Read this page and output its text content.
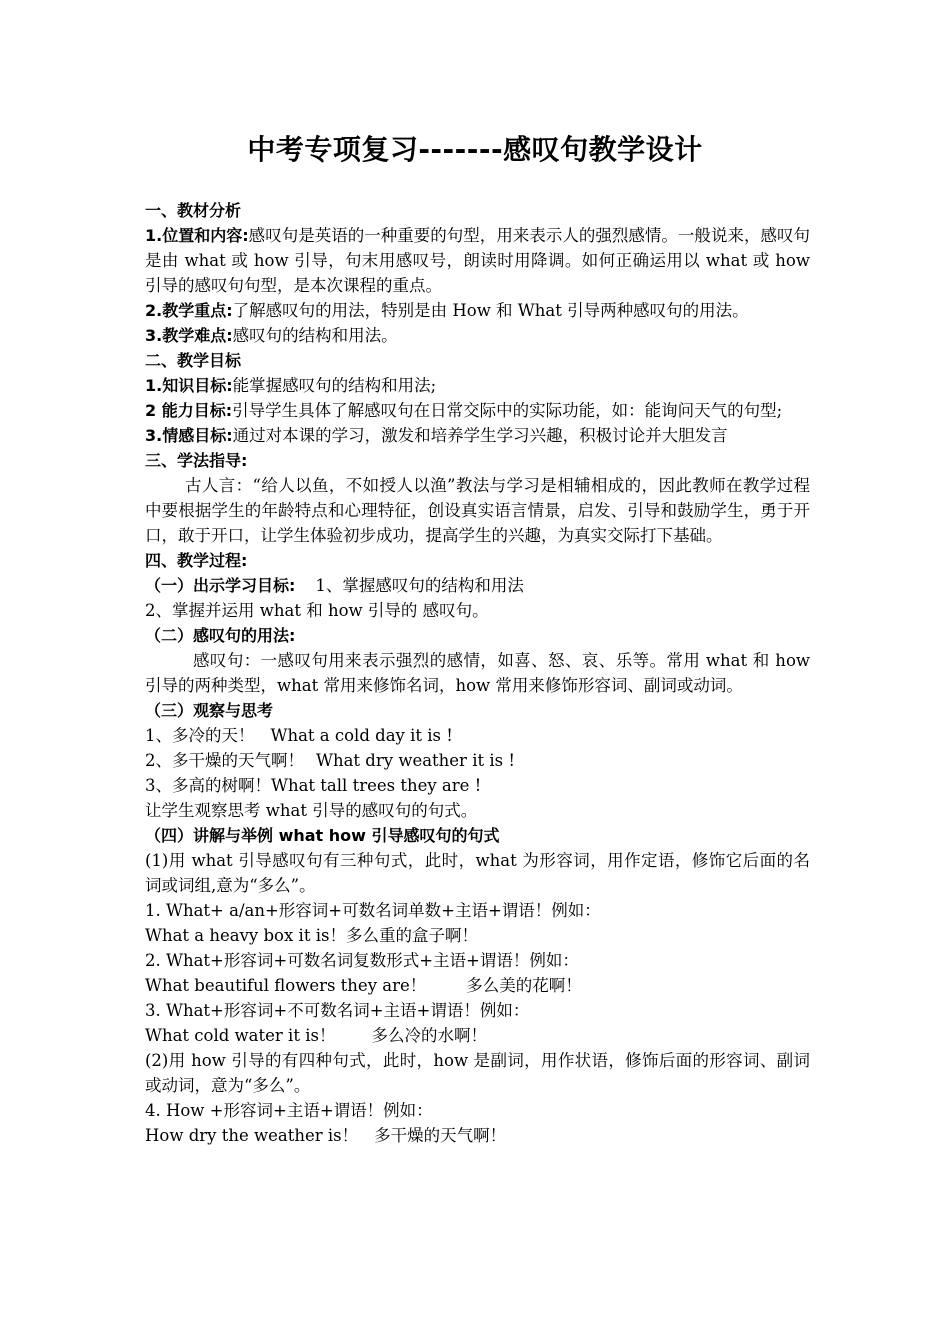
中考专项复习-------感叹句教学设计

一、教材分析

1.位置和内容:感叹句是英语的一种重要的句型，用来表示人的强烈感情。一般说来，感叹句是由 what 或 how 引导，句末用感叹号，朗读时用降调。如何正确运用以 what 或 how 引导的感叹句句型，是本次课程的重点。

2.教学重点:了解感叹句的用法，特别是由 How 和 What 引导两种感叹句的用法。

3.教学难点:感叹句的结构和用法。

二、教学目标

1.知识目标:能掌握感叹句的结构和用法;

2 能力目标:引导学生具体了解感叹句在日常交际中的实际功能，如：能询问天气的句型;

3.情感目标:通过对本课的学习，激发和培养学生学习兴趣，积极讨论并大胆发言

三、学法指导:

古人言：“给人以鱼，不如授人以渔”教法与学习是相辅相成的，因此教师在教学过程中要根据学生的年龄特点和心理特征，创设真实语言情景，启发、引导和鼓励学生，勇于开口，敢于开口，让学生体验初步成功，提高学生的兴趣，为真实交际打下基础。

四、教学过程:

（一）出示学习目标: 1、掌握感叹句的结构和用法

2、掌握并运用 what 和 how 引导的 感叹句。

（二）感叹句的用法:

感叹句：一感叹句用来表示强烈的感情，如喜、怒、哀、乐等。常用 what 和 how 引导的两种类型，what 常用来修饰名词，how 常用来修饰形容词、副词或动词。

（三）观察与思考

1、多冷的天！ What a cold day it is !

2、多干燥的天气啊！ What dry weather it is !

3、多高的树啊！What tall trees they are !

让学生观察思考 what 引导的感叹句的句式。

（四）讲解与举例 what how 引导感叹句的句式

(1)用 what 引导感叹句有三种句式，此时，what 为形容词，用作定语，修饰它后面的名词或词组,意为“多么”。

1. What+ a/an+形容词+可数名词单数+主语+谓语！例如：

What a heavy box it is！多么重的盒子啊！

2. What+形容词+可数名词复数形式+主语+谓语！例如：

What beautiful flowers they are！ 多么美的花啊！

3. What+形容词+不可数名词+主语+谓语！例如：

What cold water it is！ 多么冷的水啊！

(2)用 how 引导的有四种句式，此时，how 是副词，用作状语，修饰后面的形容词、副词或动词，意为“多么”。

4. How +形容词+主语+谓语！例如：

How dry the weather is！ 多干燥的天气啊！
